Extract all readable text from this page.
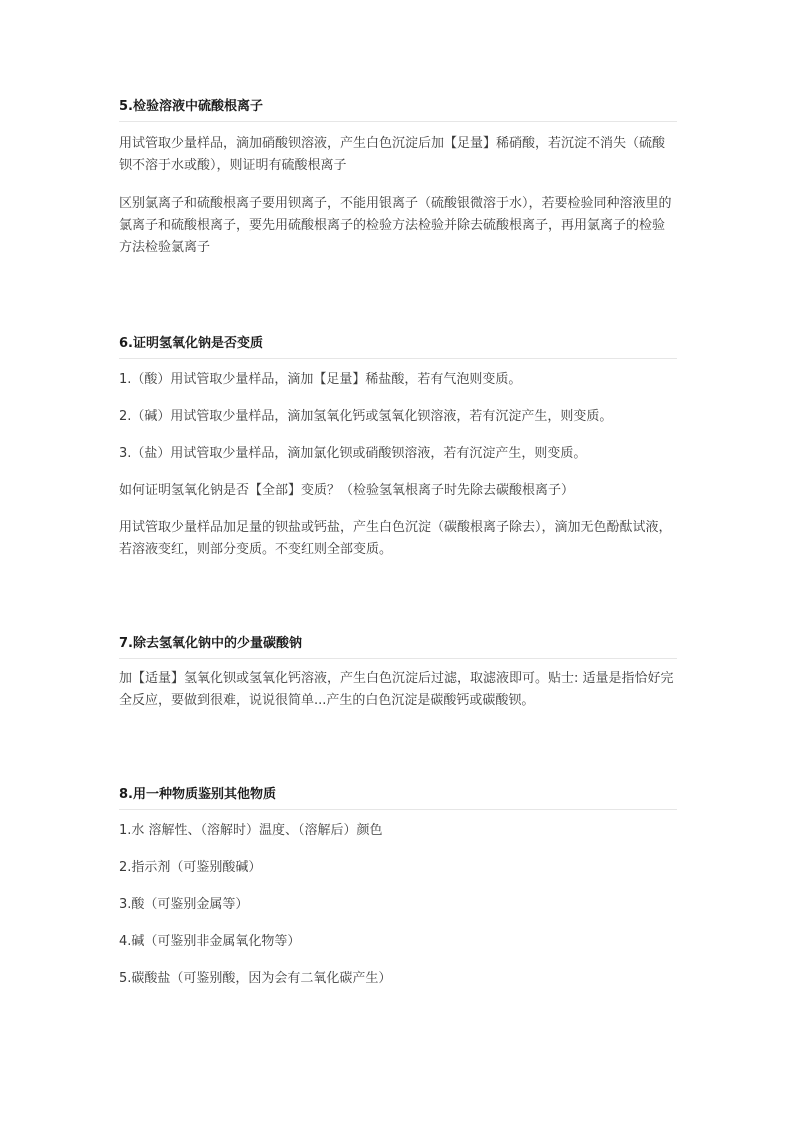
5.检验溶液中硫酸根离子

用试管取少量样品，滴加硝酸钡溶液，产生白色沉淀后加【足量】稀硝酸，若沉淀不消失（硫酸钡不溶于水或酸），则证明有硫酸根离子

区别氯离子和硫酸根离子要用钡离子，不能用银离子（硫酸银微溶于水），若要检验同种溶液里的氯离子和硫酸根离子，要先用硫酸根离子的检验方法检验并除去硫酸根离子，再用氯离子的检验方法检验氯离子

6.证明氢氧化钠是否变质

1.（酸）用试管取少量样品，滴加【足量】稀盐酸，若有气泡则变质。

2.（碱）用试管取少量样品，滴加氢氧化钙或氢氧化钡溶液，若有沉淀产生，则变质。

3.（盐）用试管取少量样品，滴加氯化钡或硝酸钡溶液，若有沉淀产生，则变质。

如何证明氢氧化钠是否【全部】变质？（检验氢氧根离子时先除去碳酸根离子）

用试管取少量样品加足量的钡盐或钙盐，产生白色沉淀（碳酸根离子除去），滴加无色酚酞试液，若溶液变红，则部分变质。不变红则全部变质。

7.除去氢氧化钠中的少量碳酸钠

加【适量】氢氧化钡或氢氧化钙溶液，产生白色沉淀后过滤，取滤液即可。贴士: 适量是指恰好完全反应，要做到很难，说说很简单...产生的白色沉淀是碳酸钙或碳酸钡。

8.用一种物质鉴别其他物质

1.水 溶解性、（溶解时）温度、（溶解后）颜色

2.指示剂（可鉴别酸碱）

3.酸（可鉴别金属等）

4.碱（可鉴别非金属氧化物等）

5.碳酸盐（可鉴别酸，因为会有二氧化碳产生）
